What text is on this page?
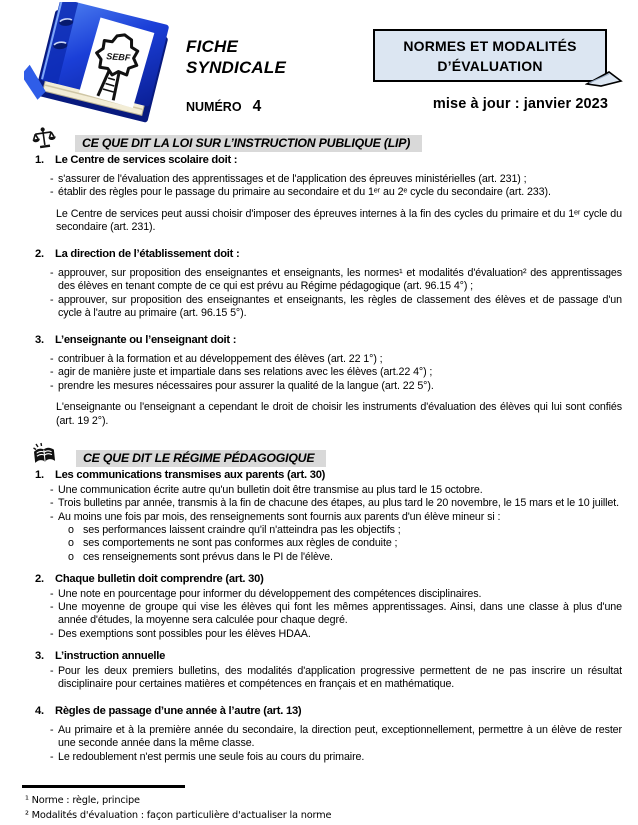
SEBF
FICHE
SYNDICALE
NUMÉRO 4
NORMES ET MODALITÉS
D’ÉVALUATION
mise à jour : janvier 2023
CE QUE DIT LA LOI SUR L’INSTRUCTION PUBLIQUE (LIP)
1. Le Centre de services scolaire doit :
- s'assurer de l'évaluation des apprentissages et de l'application des épreuves ministérielles (art. 231) ;
- établir des règles pour le passage du primaire au secondaire et du 1ᵉʳ au 2ᵉ cycle du secondaire (art. 233).
Le Centre de services peut aussi choisir d'imposer des épreuves internes à la fin des cycles du primaire et du 1ᵉʳ cycle du secondaire (art. 231).
2. La direction de l’établissement doit :
- approuver, sur proposition des enseignantes et enseignants, les normes¹ et modalités d'évaluation² des apprentissages des élèves en tenant compte de ce qui est prévu au Régime pédagogique (art. 96.15 4°) ;
- approuver, sur proposition des enseignantes et enseignants, les règles de classement des élèves et de passage d'un cycle à l'autre au primaire (art. 96.15 5°).
3. L’enseignante ou l’enseignant doit :
- contribuer à la formation et au développement des élèves (art. 22 1°) ;
- agir de manière juste et impartiale dans ses relations avec les élèves (art.22 4°) ;
- prendre les mesures nécessaires pour assurer la qualité de la langue (art. 22 5°).
L'enseignante ou l'enseignant a cependant le droit de choisir les instruments d'évaluation des élèves qui lui sont confiés (art. 19 2°).
CE QUE DIT LE RÉGIME PÉDAGOGIQUE
1. Les communications transmises aux parents (art. 30)
- Une communication écrite autre qu'un bulletin doit être transmise au plus tard le 15 octobre.
- Trois bulletins par année, transmis à la fin de chacune des étapes, au plus tard le 20 novembre, le 15 mars et le 10 juillet.
- Au moins une fois par mois, des renseignements sont fournis aux parents d'un élève mineur si :
o ses performances laissent craindre qu'il n'atteindra pas les objectifs ;
o ses comportements ne sont pas conformes aux règles de conduite ;
o ces renseignements sont prévus dans le PI de l'élève.
2. Chaque bulletin doit comprendre (art. 30)
- Une note en pourcentage pour informer du développement des compétences disciplinaires.
- Une moyenne de groupe qui vise les élèves qui font les mêmes apprentissages. Ainsi, dans une classe à plus d'une année d'études, la moyenne sera calculée pour chaque degré.
- Des exemptions sont possibles pour les élèves HDAA.
3. L’instruction annuelle
- Pour les deux premiers bulletins, des modalités d'application progressive permettent de ne pas inscrire un résultat disciplinaire pour certaines matières et compétences en français et en mathématique.
4. Règles de passage d’une année à l’autre (art. 13)
- Au primaire et à la première année du secondaire, la direction peut, exceptionnellement, permettre à un élève de rester une seconde année dans la même classe.
- Le redoublement n'est permis une seule fois au cours du primaire.
¹ Norme : règle, principe
² Modalités d'évaluation : façon particulière d'actualiser la norme
